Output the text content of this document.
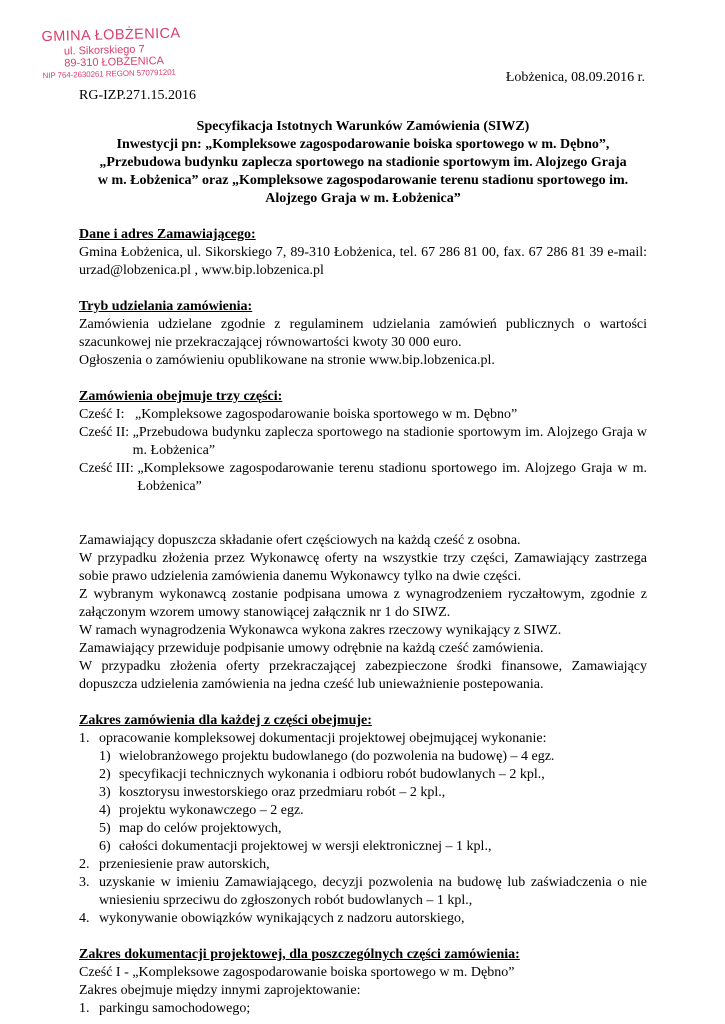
GMINA ŁOBŻENICA
ul. Sikorskiego 7
89-310 ŁOBŻENICA
NIP 764-2630261 REGON 570791201	Łobżenica, 08.09.2016 r.
RG-IZP.271.15.2016

Specyfikacja Istotnych Warunków Zamówienia (SIWZ)

Inwestycji pn: „Kompleksowe zagospodarowanie boiska sportowego w m. Dębno”,

„Przebudowa budynku zaplecza sportowego na stadionie sportowym im. Alojzego Graja

w m. Łobżenica” oraz „Kompleksowe zagospodarowanie terenu stadionu sportowego im.

Alojzego Graja w m. Łobżenica”

Dane i adres Zamawiającego:

Gmina Łobżenica, ul. Sikorskiego 7, 89-310 Łobżenica, tel. 67 286 81 00, fax. 67 286 81 39 e-mail: urzad@lobzenica.pl , www.bip.lobzenica.pl

Tryb udzielania zamówienia:

Zamówienia udzielane zgodnie z regulaminem udzielania zamówień publicznych o wartości szacunkowej nie przekraczającej równowartości kwoty 30 000 euro.

Ogłoszenia o zamówieniu opublikowane na stronie www.bip.lobzenica.pl.

Zamówienia obejmuje trzy części:
Cześć I: „Kompleksowe zagospodarowanie boiska sportowego w m. Dębno”
Cześć II: „Przebudowa budynku zaplecza sportowego na stadionie sportowym im. Alojzego Graja w m. Łobżenica”
Cześć III: „Kompleksowe zagospodarowanie terenu stadionu sportowego im. Alojzego Graja w m. Łobżenica”

Zamawiający dopuszcza składanie ofert częściowych na każdą cześć z osobna.

W przypadku złożenia przez Wykonawcę oferty na wszystkie trzy części, Zamawiający zastrzega sobie prawo udzielenia zamówienia danemu Wykonawcy tylko na dwie części.

Z wybranym wykonawcą zostanie podpisana umowa z wynagrodzeniem ryczałtowym, zgodnie z załączonym wzorem umowy stanowiącej załącznik nr 1 do SIWZ.

W ramach wynagrodzenia Wykonawca wykona zakres rzeczowy wynikający z SIWZ.

Zamawiający przewiduje podpisanie umowy odrębnie na każdą cześć zamówienia.

W przypadku złożenia oferty przekraczającej zabezpieczone środki finansowe, Zamawiający dopuszcza udzielenia zamówienia na jedna cześć lub unieważnienie postepowania.

Zakres zamówienia dla każdej z części obejmuje:
1. opracowanie kompleksowej dokumentacji projektowej obejmującej wykonanie:
1) wielobranżowego projektu budowlanego (do pozwolenia na budowę) – 4 egz.
2) specyfikacji technicznych wykonania i odbioru robót budowlanych – 2 kpl.,
3) kosztorysu inwestorskiego oraz przedmiaru robót – 2 kpl.,
4) projektu wykonawczego – 2 egz.
5) map do celów projektowych,
6) całości dokumentacji projektowej w wersji elektronicznej – 1 kpl.,
2. przeniesienie praw autorskich,
3. uzyskanie w imieniu Zamawiającego, decyzji pozwolenia na budowę lub zaświadczenia o nie wniesieniu sprzeciwu do zgłoszonych robót budowlanych – 1 kpl.,
4. wykonywanie obowiązków wynikających z nadzoru autorskiego,
Zakres dokumentacji projektowej, dla poszczególnych części zamówienia:

Cześć I - „Kompleksowe zagospodarowanie boiska sportowego w m. Dębno”

Zakres obejmuje między innymi zaprojektowanie:

1. parkingu samochodowego;
